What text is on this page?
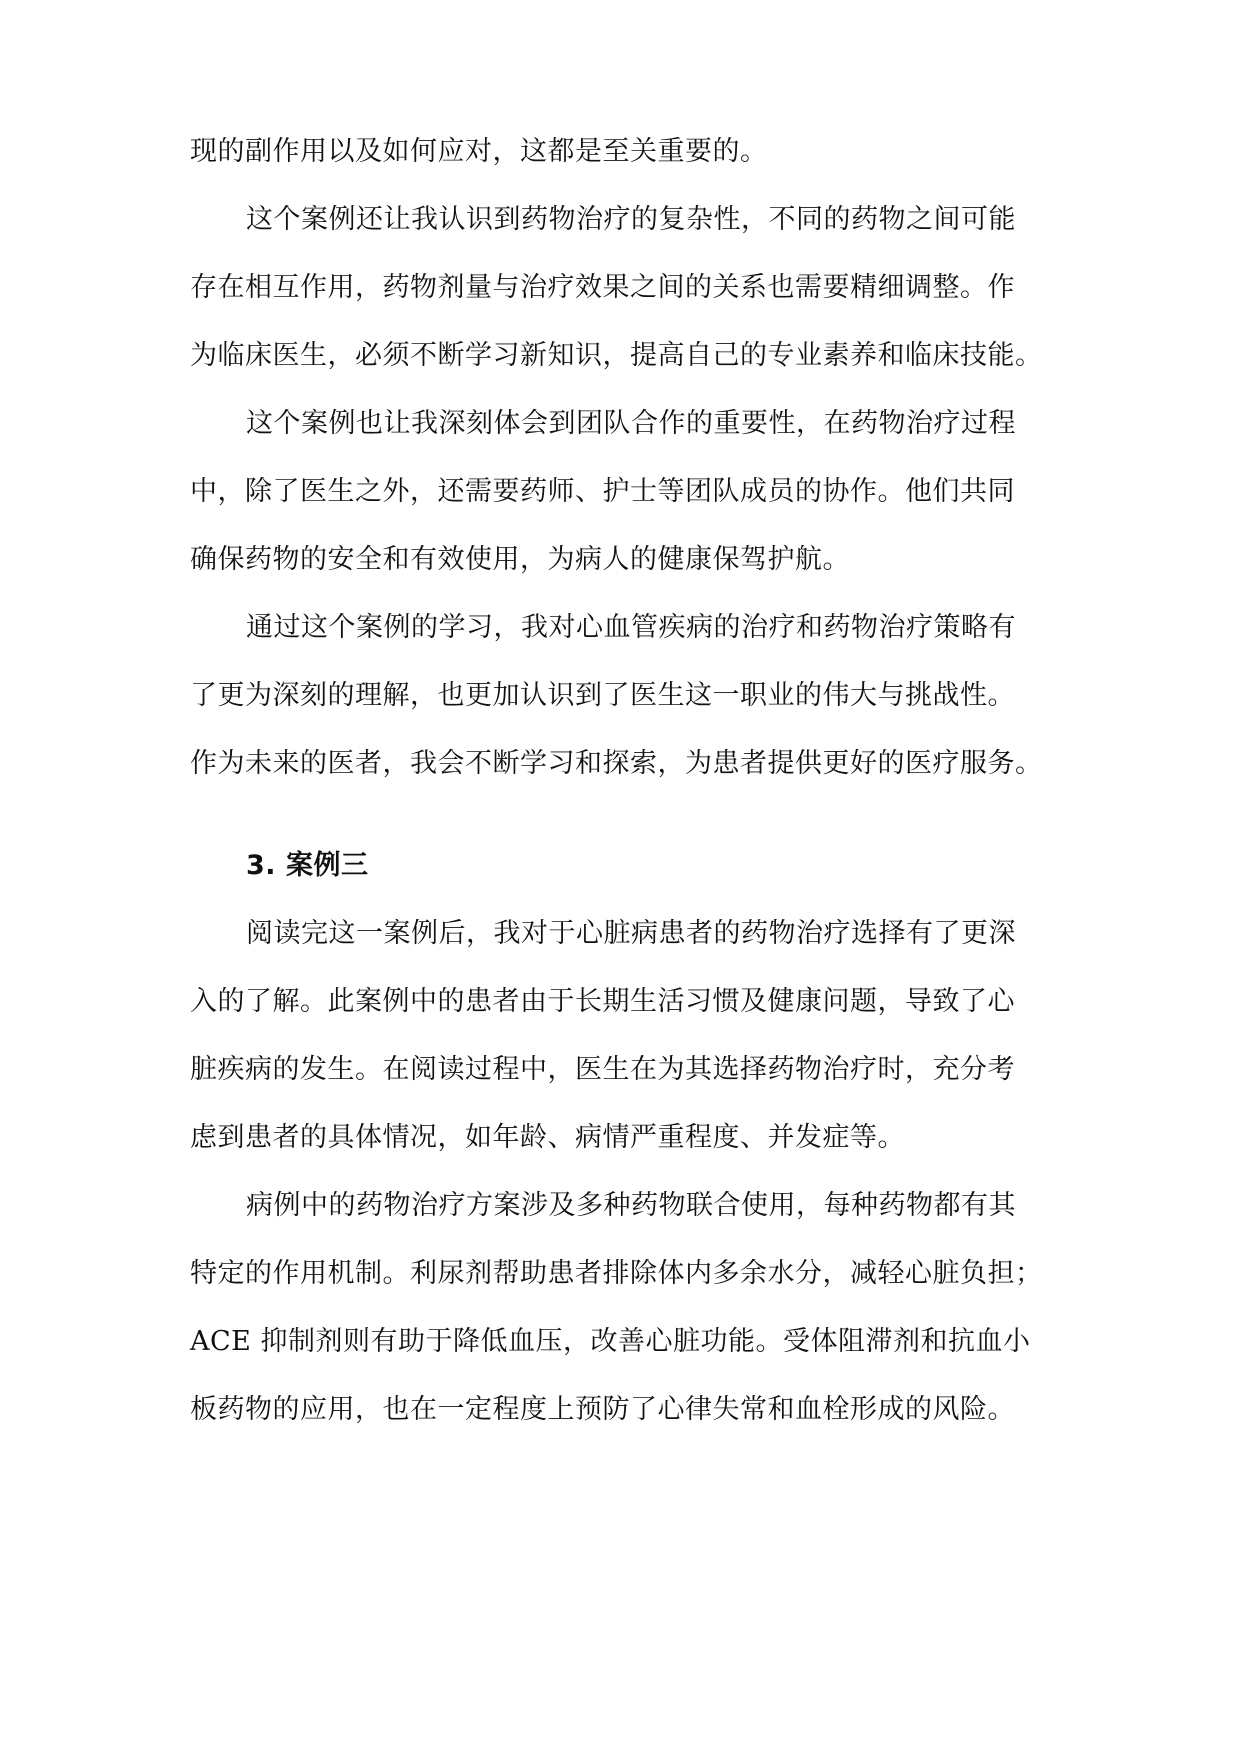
现的副作用以及如何应对，这都是至关重要的。
这个案例还让我认识到药物治疗的复杂性，不同的药物之间可能
存在相互作用，药物剂量与治疗效果之间的关系也需要精细调整。作
为临床医生，必须不断学习新知识，提高自己的专业素养和临床技能。
这个案例也让我深刻体会到团队合作的重要性，在药物治疗过程
中，除了医生之外，还需要药师、护士等团队成员的协作。他们共同
确保药物的安全和有效使用，为病人的健康保驾护航。
通过这个案例的学习，我对心血管疾病的治疗和药物治疗策略有
了更为深刻的理解，也更加认识到了医生这一职业的伟大与挑战性。
作为未来的医者，我会不断学习和探索，为患者提供更好的医疗服务。
3. 案例三
阅读完这一案例后，我对于心脏病患者的药物治疗选择有了更深
入的了解。此案例中的患者由于长期生活习惯及健康问题，导致了心
脏疾病的发生。在阅读过程中，医生在为其选择药物治疗时，充分考
虑到患者的具体情况，如年龄、病情严重程度、并发症等。
病例中的药物治疗方案涉及多种药物联合使用，每种药物都有其
特定的作用机制。利尿剂帮助患者排除体内多余水分，减轻心脏负担；
ACE 抑制剂则有助于降低血压，改善心脏功能。受体阻滞剂和抗血小
板药物的应用，也在一定程度上预防了心律失常和血栓形成的风险。
